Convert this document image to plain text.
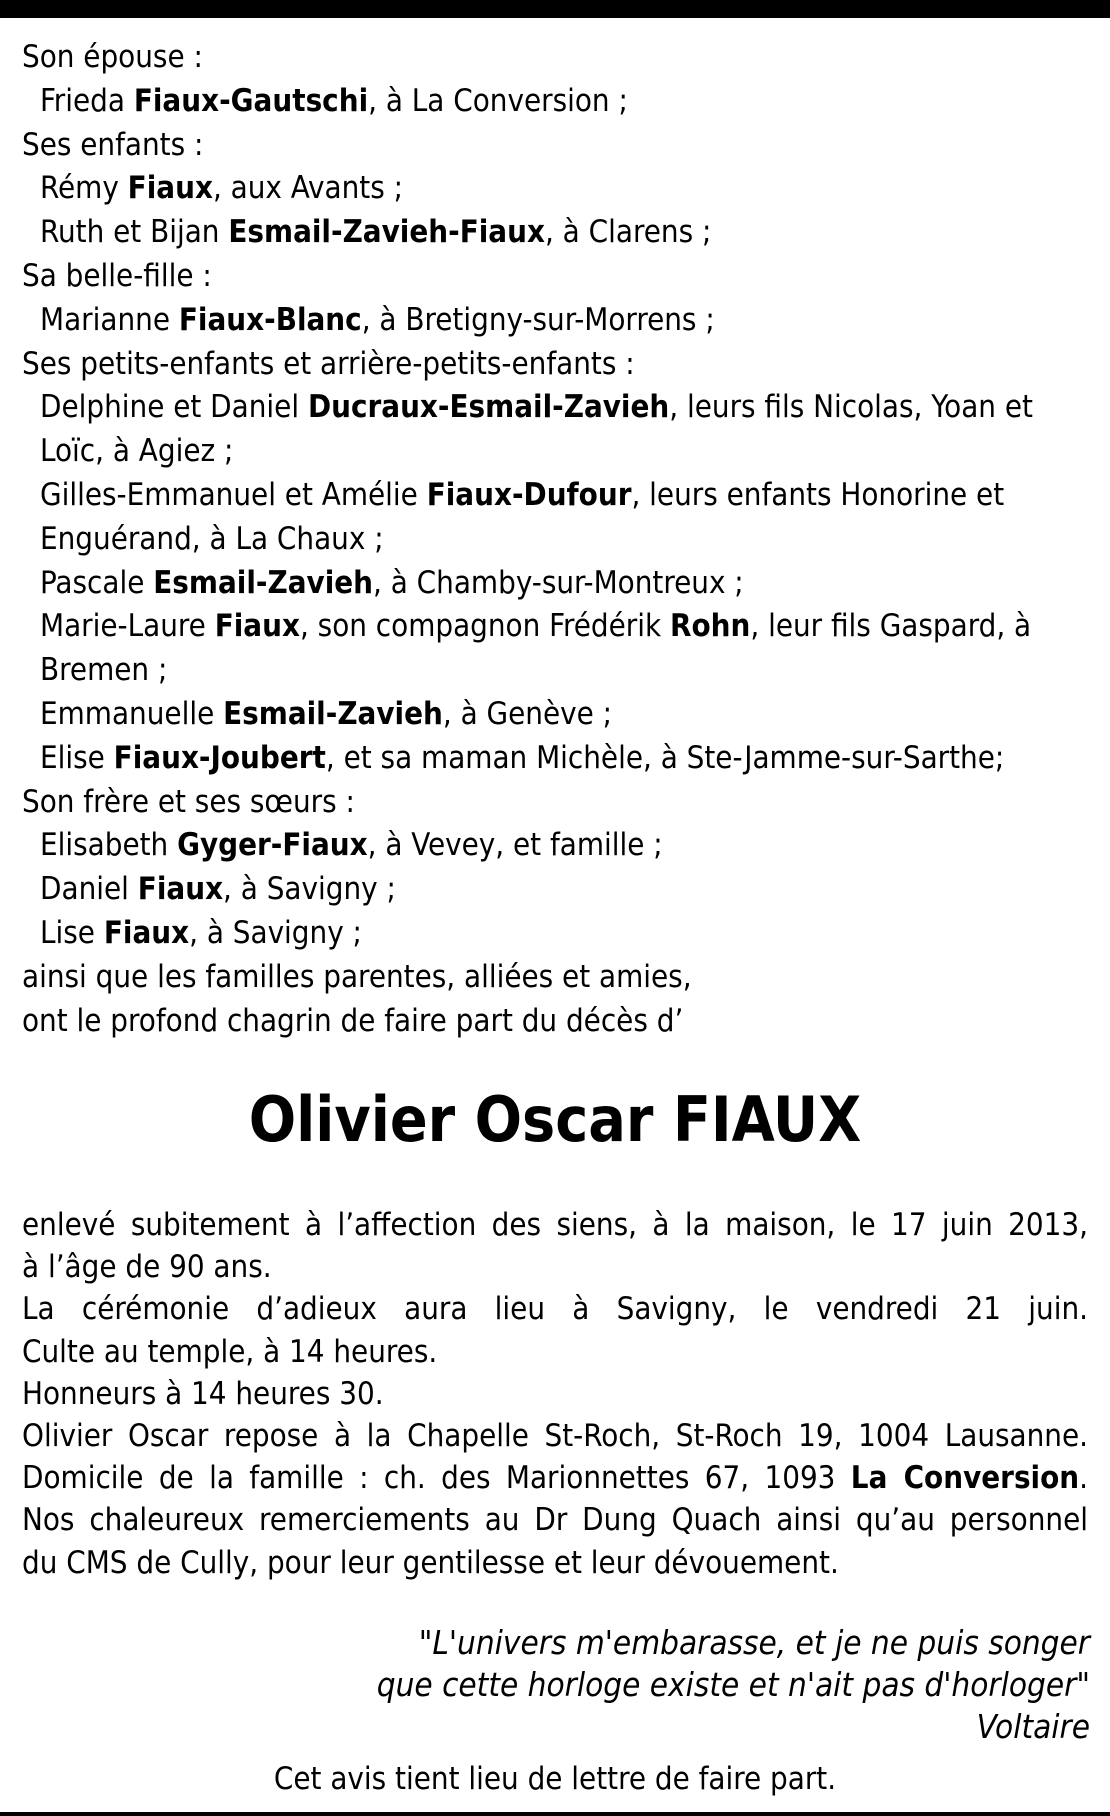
Son épouse :

Frieda Fiaux-Gautschi, à La Conversion ;

Ses enfants :

Rémy Fiaux, aux Avants ;

Ruth et Bijan Esmail-Zavieh-Fiaux, à Clarens ;

Sa belle-fille :

Marianne Fiaux-Blanc, à Bretigny-sur-Morrens ;

Ses petits-enfants et arrière-petits-enfants :

Delphine et Daniel Ducraux-Esmail-Zavieh, leurs fils Nicolas, Yoan et

Loïc, à Agiez ;

Gilles-Emmanuel et Amélie Fiaux-Dufour, leurs enfants Honorine et

Enguérand, à La Chaux ;

Pascale Esmail-Zavieh, à Chamby-sur-Montreux ;

Marie-Laure Fiaux, son compagnon Frédérik Rohn, leur fils Gaspard, à

Bremen ;

Emmanuelle Esmail-Zavieh, à Genève ;

Elise Fiaux-Joubert, et sa maman Michèle, à Ste-Jamme-sur-Sarthe;

Son frère et ses sœurs :

Elisabeth Gyger-Fiaux, à Vevey, et famille ;

Daniel Fiaux, à Savigny ;

Lise Fiaux, à Savigny ;

ainsi que les familles parentes, alliées et amies,

ont le profond chagrin de faire part du décès d’

Olivier Oscar FIAUX

enlevé subitement à l’affection des siens, à la maison, le 17 juin 2013,

à l’âge de 90 ans.

La cérémonie d’adieux aura lieu à Savigny, le vendredi 21 juin.

Culte au temple, à 14 heures.

Honneurs à 14 heures 30.

Olivier Oscar repose à la Chapelle St-Roch, St-Roch 19, 1004 Lausanne.

Domicile de la famille : ch. des Marionnettes 67, 1093 La Conversion.

Nos chaleureux remerciements au Dr Dung Quach ainsi qu’au personnel

du CMS de Cully, pour leur gentilesse et leur dévouement.

"L'univers m'embarasse, et je ne puis songer
que cette horloge existe et n'ait pas d'horloger"
Voltaire
Cet avis tient lieu de lettre de faire part.
